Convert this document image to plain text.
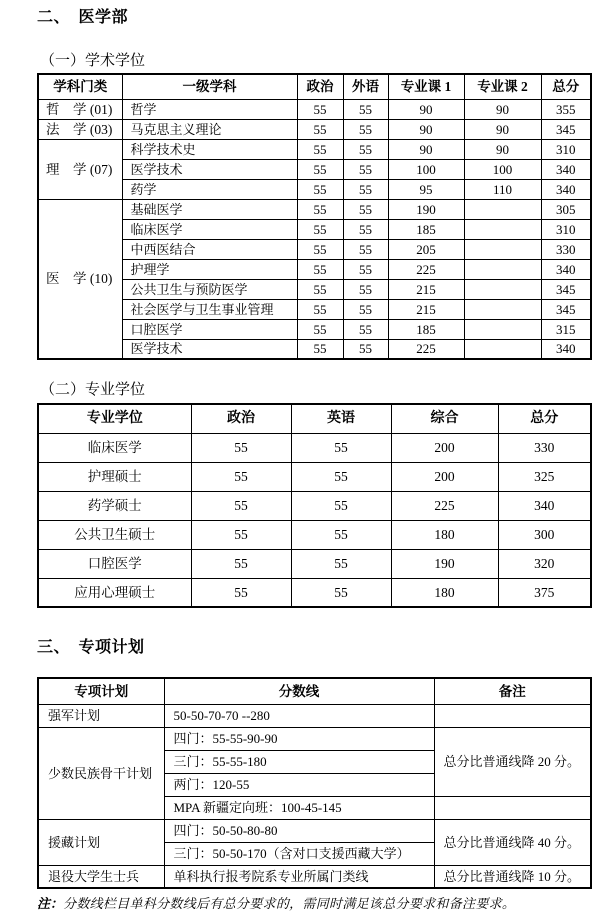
二、　医学部
（一）学术学位
学科门类	一级学科	政治	外语	专业课 1	专业课 2	总分
哲　学 (01)	哲学	55	55	90	90	355
法　学 (03)	马克思主义理论	55	55	90	90	345
理　学 (07)	科学技术史	55	55	90	90	310
	医学技术	55	55	100	100	340
	药学	55	55	95	110	340
医　学 (10)	基础医学	55	55	190		305
	临床医学	55	55	185		310
	中西医结合	55	55	205		330
	护理学	55	55	225		340
	公共卫生与预防医学	55	55	215		345
	社会医学与卫生事业管理	55	55	215		345
	口腔医学	55	55	185		315
	医学技术	55	55	225		340
（二）专业学位
专业学位	政治	英语	综合	总分
临床医学	55	55	200	330
护理硕士	55	55	200	325
药学硕士	55	55	225	340
公共卫生硕士	55	55	180	300
口腔医学	55	55	190	320
应用心理硕士	55	55	180	375
三、　专项计划
专项计划	分数线	备注
强军计划	50-50-70-70 --280	
少数民族骨干计划	四门：55-55-90-90	总分比普通线降 20 分。
	三门：55-55-180	
	两门：120-55	
	MPA 新疆定向班：100-45-145	
援藏计划	四门：50-50-80-80	总分比普通线降 40 分。
	三门：50-50-170（含对口支援西藏大学）	
退役大学生士兵	单科执行报考院系专业所属门类线	总分比普通线降 10 分。
注：分数线栏目单科分数线后有总分要求的，需同时满足该总分要求和备注要求。
